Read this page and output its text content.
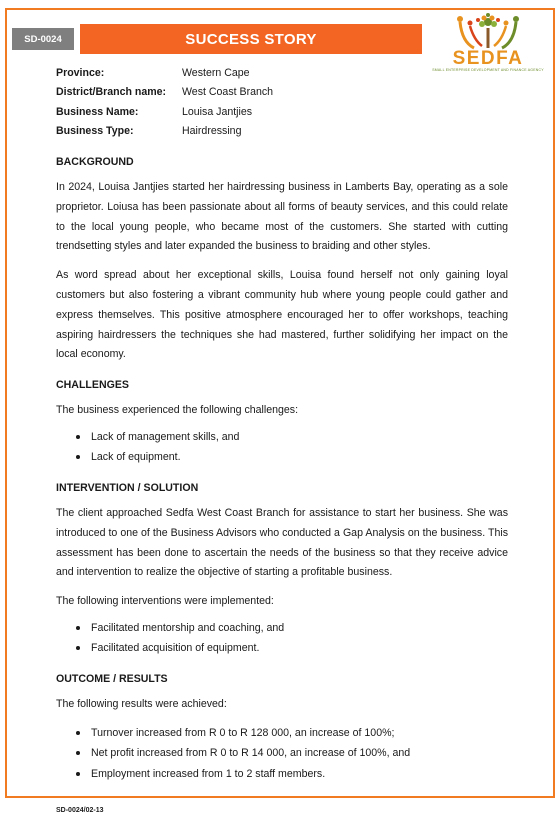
SD-0024	SUCCESS STORY
SEDFA
SMALL ENTERPRISE DEVELOPMENT AND FINANCE AGENCY
Province:	Western Cape
District/Branch name:	West Coast Branch
Business Name:	Louisa Jantjies
Business Type:	Hairdressing
BACKGROUND

In 2024, Louisa Jantjies started her hairdressing business in Lamberts Bay, operating as a sole proprietor. Loiusa has been passionate about all forms of beauty services, and this could relate to the local young people, who became most of the customers. She started with cutting trendsetting styles and later expanded the business to braiding and other styles.

As word spread about her exceptional skills, Louisa found herself not only gaining loyal customers but also fostering a vibrant community hub where young people could gather and express themselves. This positive atmosphere encouraged her to offer workshops, teaching aspiring hairdressers the techniques she had mastered, further solidifying her impact on the local economy.

CHALLENGES

The business experienced the following challenges:

Lack of management skills, and
Lack of equipment.
INTERVENTION / SOLUTION

The client approached Sedfa West Coast Branch for assistance to start her business. She was introduced to one of the Business Advisors who conducted a Gap Analysis on the business. This assessment has been done to ascertain the needs of the business so that they receive advice and intervention to realize the objective of starting a profitable business.

The following interventions were implemented:

Facilitated mentorship and coaching, and
Facilitated acquisition of equipment.
OUTCOME / RESULTS

The following results were achieved:

Turnover increased from R 0 to R 128 000, an increase of 100%;
Net profit increased from R 0 to R 14 000, an increase of 100%, and
Employment increased from 1 to 2 staff members.
SD-0024/02-13
